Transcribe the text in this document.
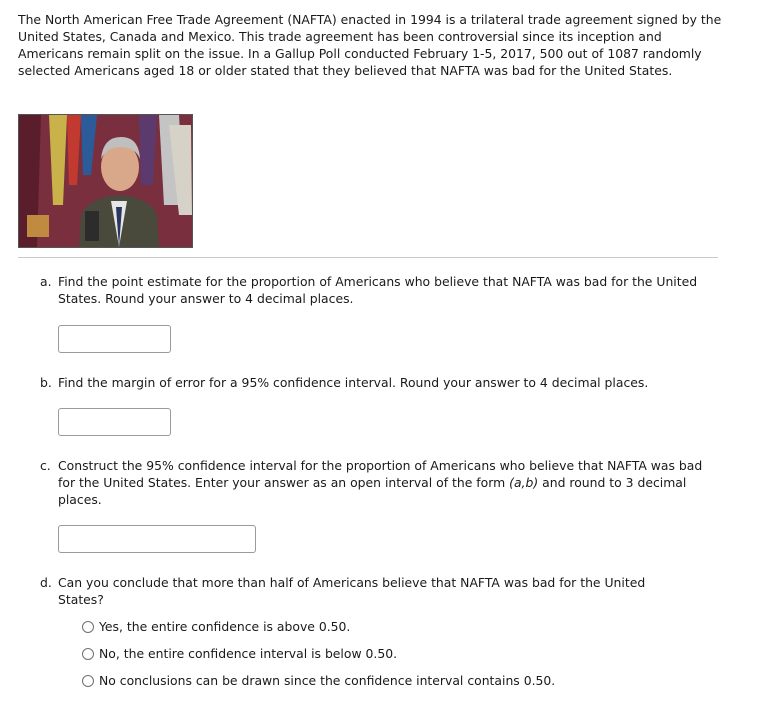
The North American Free Trade Agreement (NAFTA) enacted in 1994 is a trilateral trade agreement signed by the United States, Canada and Mexico. This trade agreement has been controversial since its inception and Americans remain split on the issue. In a Gallup Poll conducted February 1-5, 2017, 500 out of 1087 randomly selected Americans aged 18 or older stated that they believed that NAFTA was bad for the United States.

a. Find the point estimate for the proportion of Americans who believe that NAFTA was bad for the United States. Round your answer to 4 decimal places.
b. Find the margin of error for a 95% confidence interval. Round your answer to 4 decimal places.
c. Construct the 95% confidence interval for the proportion of Americans who believe that NAFTA was bad for the United States. Enter your answer as an open interval of the form (a,b) and round to 3 decimal places.
d. Can you conclude that more than half of Americans believe that NAFTA was bad for the United States?
Yes, the entire confidence is above 0.50.
No, the entire confidence interval is below 0.50.
No conclusions can be drawn since the confidence interval contains 0.50.
